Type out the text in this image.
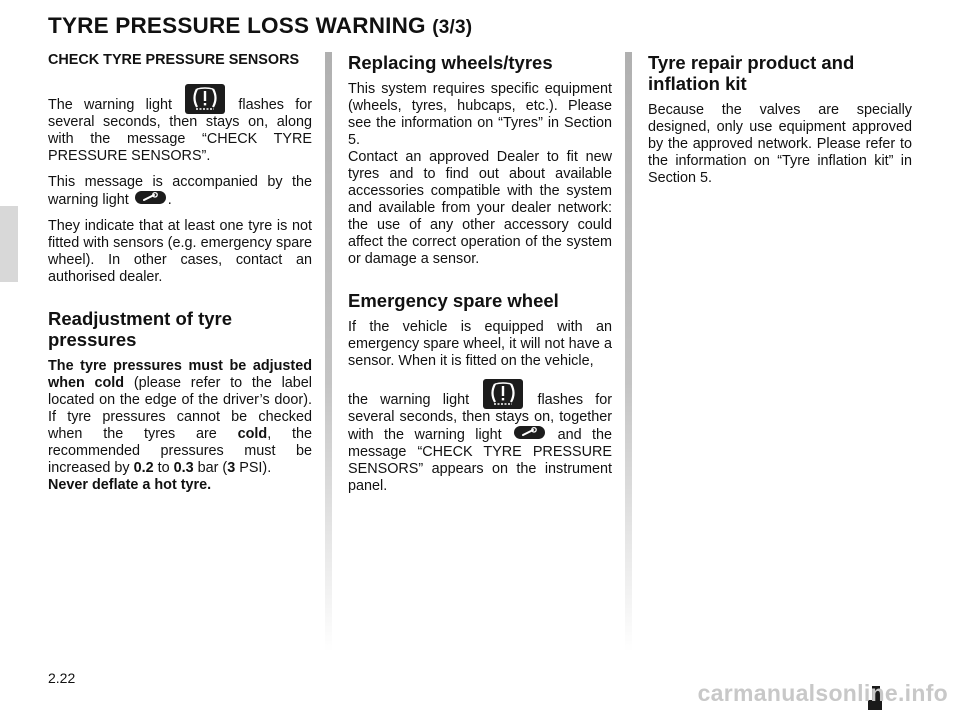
TYRE PRESSURE LOSS WARNING (3/3)

CHECK TYRE PRESSURE SENSORS

The warning light	flashes for several seconds, then stays on, along with the message “CHECK TYRE PRESSURE SENSORS”.

This message is accompanied by the warning light	.

They indicate that at least one tyre is not fitted with sensors (e.g. emergency spare wheel). In other cases, contact an authorised dealer.

Readjustment of tyre pressures

The tyre pressures must be adjusted when cold (please refer to the label located on the edge of the driver’s door). If tyre pressures cannot be checked when the tyres are cold, the recommended pressures must be increased by 0.2 to 0.3 bar (3 PSI).
Never deflate a hot tyre.

Replacing wheels/tyres

This system requires specific equipment (wheels, tyres, hubcaps, etc.). Please see the information on “Tyres” in Section 5.

Contact an approved Dealer to fit new tyres and to find out about available accessories compatible with the system and available from your dealer network: the use of any other accessory could affect the correct operation of the system or damage a sensor.

Emergency spare wheel

If the vehicle is equipped with an emergency spare wheel, it will not have a sensor. When it is fitted on the vehicle,

the warning light	flashes for several seconds, then stays on, together with the warning light	and the message “CHECK TYRE PRESSURE SENSORS” appears on the instrument panel.

Tyre repair product and inflation kit

Because the valves are specially designed, only use equipment approved by the approved network. Please refer to the information on “Tyre inflation kit” in Section 5.

2.22
carmanualsonline.info
